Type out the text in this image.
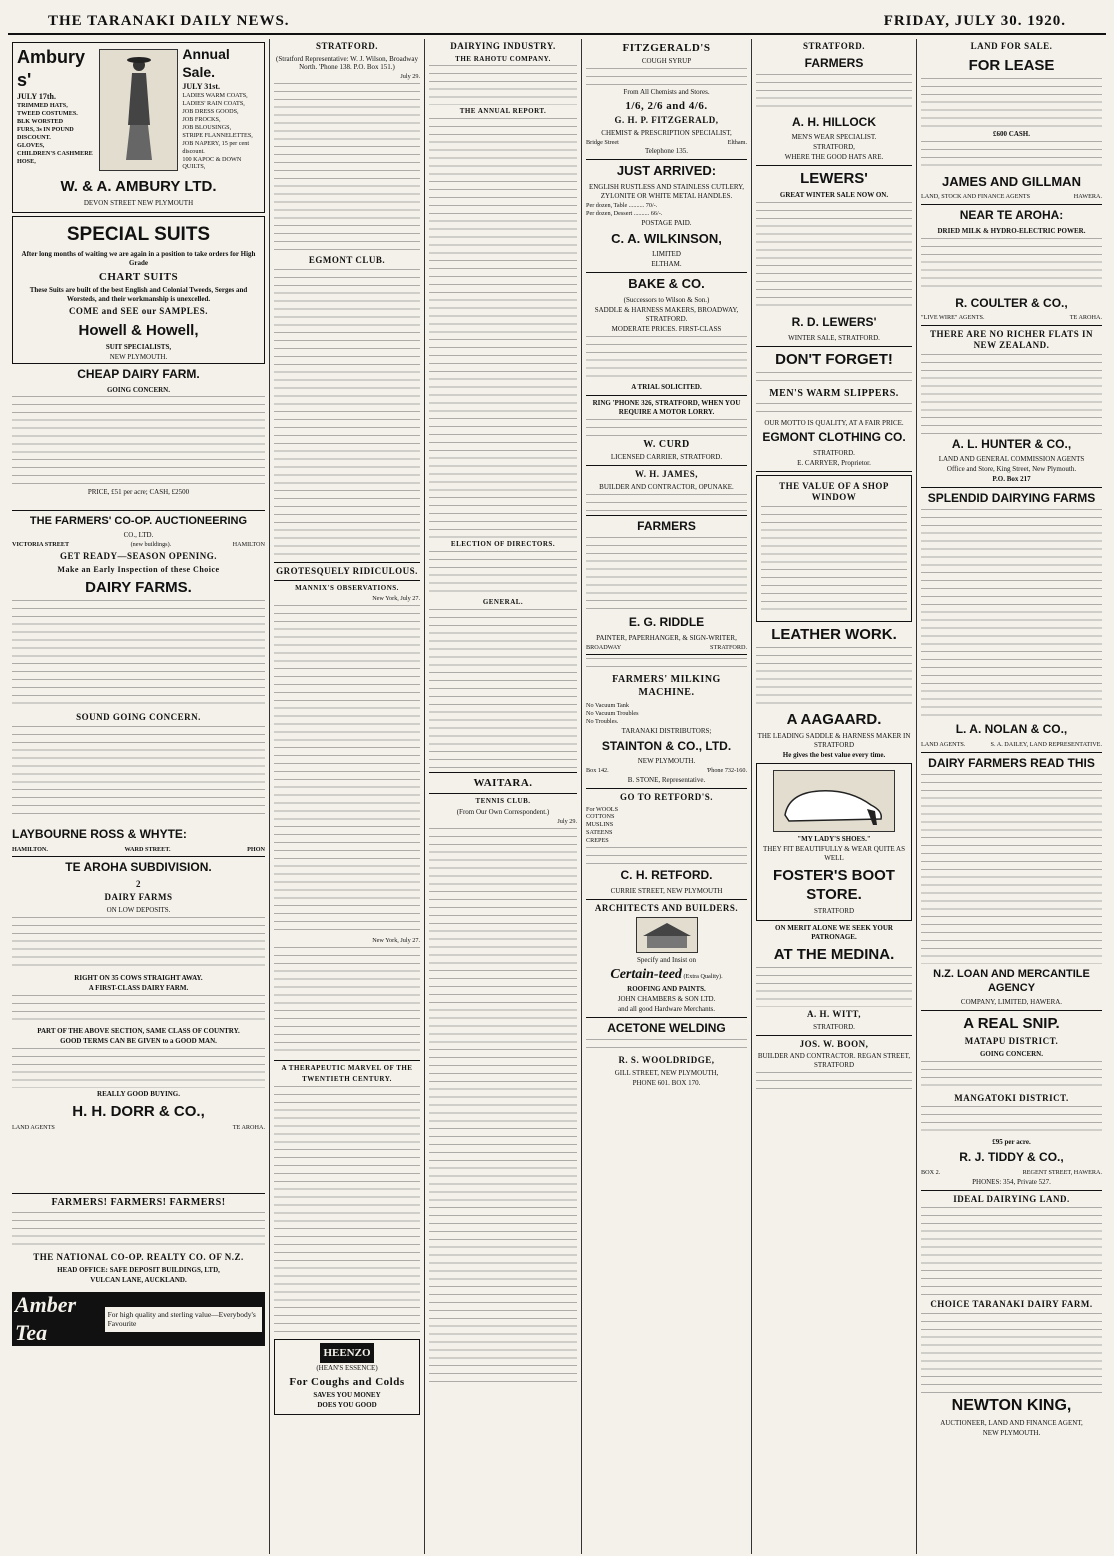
THE TARANAKI DAILY NEWS.	FRIDAY, JULY 30. 1920.
Ambury s'
JULY 17th.
TRIMMED HATS,
TWEED COSTUMES.
BLK WORSTED
FURS, 3s IN POUND DISCOUNT.
GLOVES,
CHILDREN'S CASHMERE HOSE,
Annual Sale.
JULY 31st.
LADIES WARM COATS,
LADIES' RAIN COATS,
JOB DRESS GOODS,
JOB FROCKS,
JOB BLOUSINGS,
STRIPE FLANNELETTES,
JOB NAPERY, 15 per cent discount.
100 KAPOC & DOWN QUILTS,
W. & A. AMBURY LTD.
DEVON STREET NEW PLYMOUTH
SPECIAL SUITS
After long months of waiting we are again in a position to take orders for High Grade
CHART SUITS
These Suits are built of the best English and Colonial Tweeds, Serges and Worsteds, and their workmanship is unexcelled.
COME and SEE our SAMPLES.
Howell & Howell,
SUIT SPECIALISTS,
NEW PLYMOUTH.
CHEAP DAIRY FARM.
GOING CONCERN.
PRICE, £51 per acre; CASH, £2500
THE FARMERS' CO-OP. AUCTIONEERING
CO., LTD.
VICTORIA STREET	(new buildings).	HAMILTON
GET READY—SEASON OPENING.
Make an Early Inspection of these Choice
DAIRY FARMS.
SOUND GOING CONCERN.
LAYBOURNE ROSS & WHYTE:
HAMILTON.	WARD STREET.	PHON
TE AROHA SUBDIVISION.
2
DAIRY FARMS
ON LOW DEPOSITS.
RIGHT ON 35 COWS STRAIGHT AWAY.
A FIRST-CLASS DAIRY FARM.
PART OF THE ABOVE SECTION, SAME CLASS OF COUNTRY.
GOOD TERMS CAN BE GIVEN to a GOOD MAN.
REALLY GOOD BUYING.
H. H. DORR & CO.,
LAND AGENTS	TE AROHA.
FARMERS! FARMERS! FARMERS!
THE NATIONAL CO-OP. REALTY CO. OF N.Z.
HEAD OFFICE: SAFE DEPOSIT BUILDINGS, LTD,
VULCAN LANE, AUCKLAND.
Amber Tea
For high quality and sterling value—Everybody's Favourite
STRATFORD.
(Stratford Representative: W. J. Wilson, Broadway North. 'Phone 138. P.O. Box 151.)
July 29.
EGMONT CLUB.
GROTESQUELY RIDICULOUS.
MANNIX'S OBSERVATIONS.
New York, July 27.
New York, July 27.
A THERAPEUTIC MARVEL OF THE
TWENTIETH CENTURY.
HEENZO
(HEAN'S ESSENCE)
For Coughs and Colds
SAVES YOU MONEY
DOES YOU GOOD
DAIRYING INDUSTRY.
THE RAHOTU COMPANY.
THE ANNUAL REPORT.
ELECTION OF DIRECTORS.
GENERAL.
WAITARA.
TENNIS CLUB.
(From Our Own Correspondent.)
July 29.
FITZGERALD'S
COUGH SYRUP
From All Chemists and Stores.
1/6, 2/6 and 4/6.
G. H. P. FITZGERALD,
CHEMIST & PRESCRIPTION SPECIALIST,
Bridge Street	Eltham.
Telephone 135.
JUST ARRIVED:
ENGLISH RUSTLESS AND STAINLESS CUTLERY, ZYLONITE OR WHITE METAL HANDLES.
Per dozen, Table .......... 70/-.
Per dozen, Dessert .......... 66/-.
POSTAGE PAID.
C. A. WILKINSON,
LIMITED
ELTHAM.
BAKE & CO.
(Successors to Wilson & Son.)
SADDLE & HARNESS MAKERS, BROADWAY, STRATFORD.
MODERATE PRICES. FIRST-CLASS
A TRIAL SOLICITED.
RING 'PHONE 326, STRATFORD, WHEN YOU REQUIRE A MOTOR LORRY.
W. CURD
LICENSED CARRIER, STRATFORD.
W. H. JAMES,
BUILDER AND CONTRACTOR, OPUNAKE.
FARMERS
E. G. RIDDLE
PAINTER, PAPERHANGER, & SIGN-WRITER,
BROADWAY	STRATFORD.
FARMERS' MILKING MACHINE.
No Vacuum Tank
No Vacuum Troubles
No Troubles.
TARANAKI DISTRIBUTORS;
STAINTON & CO., LTD.
NEW PLYMOUTH.
Box 142.	'Phone 732-160.
B. STONE, Representative.
GO TO RETFORD'S.
For WOOLS
COTTONS
MUSLINS
SATEENS
CREPES
C. H. RETFORD.
CURRIE STREET, NEW PLYMOUTH
ARCHITECTS AND BUILDERS.
Specify and Insist on
Certain-teed (Extra Quality).
ROOFING AND PAINTS.
JOHN CHAMBERS & SON LTD.
and all good Hardware Merchants.
ACETONE WELDING
R. S. WOOLDRIDGE,
GILL STREET, NEW PLYMOUTH,
PHONE 601. BOX 170.
STRATFORD.
FARMERS
A. H. HILLOCK
MEN'S WEAR SPECIALIST.
STRATFORD,
WHERE THE GOOD HATS ARE.
LEWERS'
GREAT WINTER SALE NOW ON.
R. D. LEWERS'
WINTER SALE, STRATFORD.
DON'T FORGET!
MEN'S WARM SLIPPERS.
OUR MOTTO IS QUALITY, AT A FAIR PRICE.
EGMONT CLOTHING CO.
STRATFORD.
E. CARRYER, Proprietor.
THE VALUE OF A SHOP WINDOW
LEATHER WORK.
A AAGAARD.
THE LEADING SADDLE & HARNESS MAKER IN STRATFORD
He gives the best value every time.
"MY LADY'S SHOES."
THEY FIT BEAUTIFULLY & WEAR QUITE AS WELL
FOSTER'S BOOT STORE.
STRATFORD
ON MERIT ALONE WE SEEK YOUR PATRONAGE.
AT THE MEDINA.
A. H. WITT,
STRATFORD.
JOS. W. BOON,
BUILDER AND CONTRACTOR. REGAN STREET, STRATFORD
LAND FOR SALE.
FOR LEASE
£600 CASH.
JAMES AND GILLMAN
LAND, STOCK AND FINANCE AGENTS	HAWERA.
NEAR TE AROHA:
DRIED MILK & HYDRO-ELECTRIC POWER.
R. COULTER & CO.,
"LIVE WIRE" AGENTS.	TE AROHA.
THERE ARE NO RICHER FLATS IN NEW ZEALAND.
A. L. HUNTER & CO.,
LAND AND GENERAL COMMISSION AGENTS
Office and Store, King Street, New Plymouth.
P.O. Box 217
SPLENDID DAIRYING FARMS
L. A. NOLAN & CO.,
LAND AGENTS.	S. A. DAILEY, LAND REPRESENTATIVE.
DAIRY FARMERS READ THIS
N.Z. LOAN AND MERCANTILE AGENCY
COMPANY, LIMITED, HAWERA.
A REAL SNIP.
MATAPU DISTRICT.
GOING CONCERN.
MANGATOKI DISTRICT.
£95 per acre.
R. J. TIDDY & CO.,
BOX 2.	REGENT STREET, HAWERA.
PHONES: 354, Private 527.
IDEAL DAIRYING LAND.
CHOICE TARANAKI DAIRY FARM.
NEWTON KING,
AUCTIONEER, LAND AND FINANCE AGENT,
NEW PLYMOUTH.
